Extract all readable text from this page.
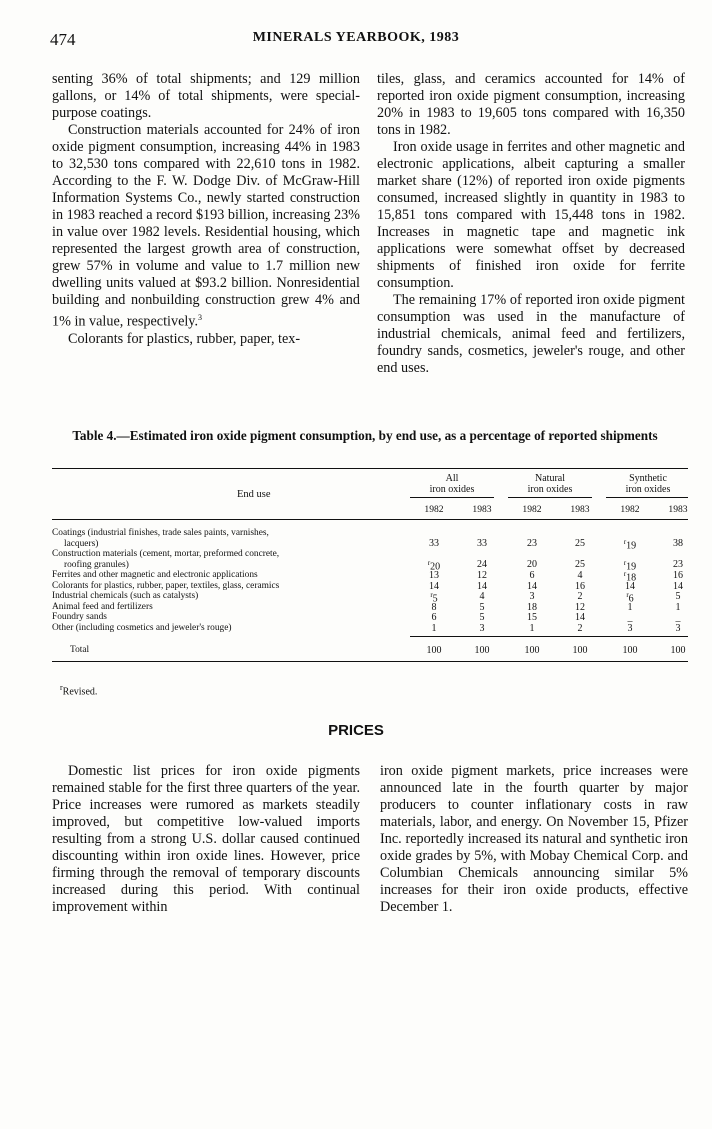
474	MINERALS YEARBOOK, 1983

senting 36% of total shipments; and 129 million gallons, or 14% of total shipments, were special-purpose coatings.

Construction materials accounted for 24% of iron oxide pigment consumption, increasing 44% in 1983 to 32,530 tons compared with 22,610 tons in 1982. According to the F. W. Dodge Div. of McGraw-Hill Information Systems Co., newly started construction in 1983 reached a record $193 billion, increasing 23% in value over 1982 levels. Residential housing, which represented the largest growth area of construction, grew 57% in volume and value to 1.7 million new dwelling units valued at $93.2 billion. Nonresidential building and nonbuilding construction grew 4% and 1% in value, respectively.$^3$

Colorants for plastics, rubber, paper, tex-

tiles, glass, and ceramics accounted for 14% of reported iron oxide pigment consumption, increasing 20% in 1983 to 19,605 tons compared with 16,350 tons in 1982.

Iron oxide usage in ferrites and other magnetic and electronic applications, albeit capturing a smaller market share (12%) of reported iron oxide pigments consumed, increased slightly in quantity in 1983 to 15,851 tons compared with 15,448 tons in 1982. Increases in magnetic tape and magnetic ink applications were somewhat offset by decreased shipments of finished iron oxide for ferrite consumption.

The remaining 17% of reported iron oxide pigment consumption was used in the manufacture of industrial chemicals, animal feed and fertilizers, foundry sands, cosmetics, jeweler's rouge, and other end uses.

Table 4.—Estimated iron oxide pigment consumption, by end use, as a percentage of reported shipments
End use
All
iron oxides
Natural
iron oxides
Synthetic
iron oxides
1982	1983	1982	1983	1982	1983
Coatings (industrial finishes, trade sales paints, varnishes,
lacquers)	33	33	23	25	$^r$19	38
Construction materials (cement, mortar, preformed concrete,
roofing granules)	$^r$20	24	20	25	$^r$19	23
Ferrites and other magnetic and electronic applications	13	12	6	4	$^r$18	16
Colorants for plastics, rubber, paper, textiles, glass, ceramics	14	14	14	16	14	14
Industrial chemicals (such as catalysts)	$^r$5	4	3	2	$^r$6	5
Animal feed and fertilizers	8	5	18	12	1	1
Foundry sands	6	5	15	14	_	_
Other (including cosmetics and jeweler's rouge)	1	3	1	2	3	3
Total	100	100	100	100	100	100
$^r$Revised.
PRICES

Domestic list prices for iron oxide pigments remained stable for the first three quarters of the year. Price increases were rumored as markets steadily improved, but competitive low-valued imports resulting from a strong U.S. dollar caused continued discounting within iron oxide lines. However, price firming through the removal of temporary discounts increased during this period. With continual improvement within

iron oxide pigment markets, price increases were announced late in the fourth quarter by major producers to counter inflationary costs in raw materials, labor, and energy. On November 15, Pfizer Inc. reportedly increased its natural and synthetic iron oxide grades by 5%, with Mobay Chemical Corp. and Columbian Chemicals announcing similar 5% increases for their iron oxide products, effective December 1.
